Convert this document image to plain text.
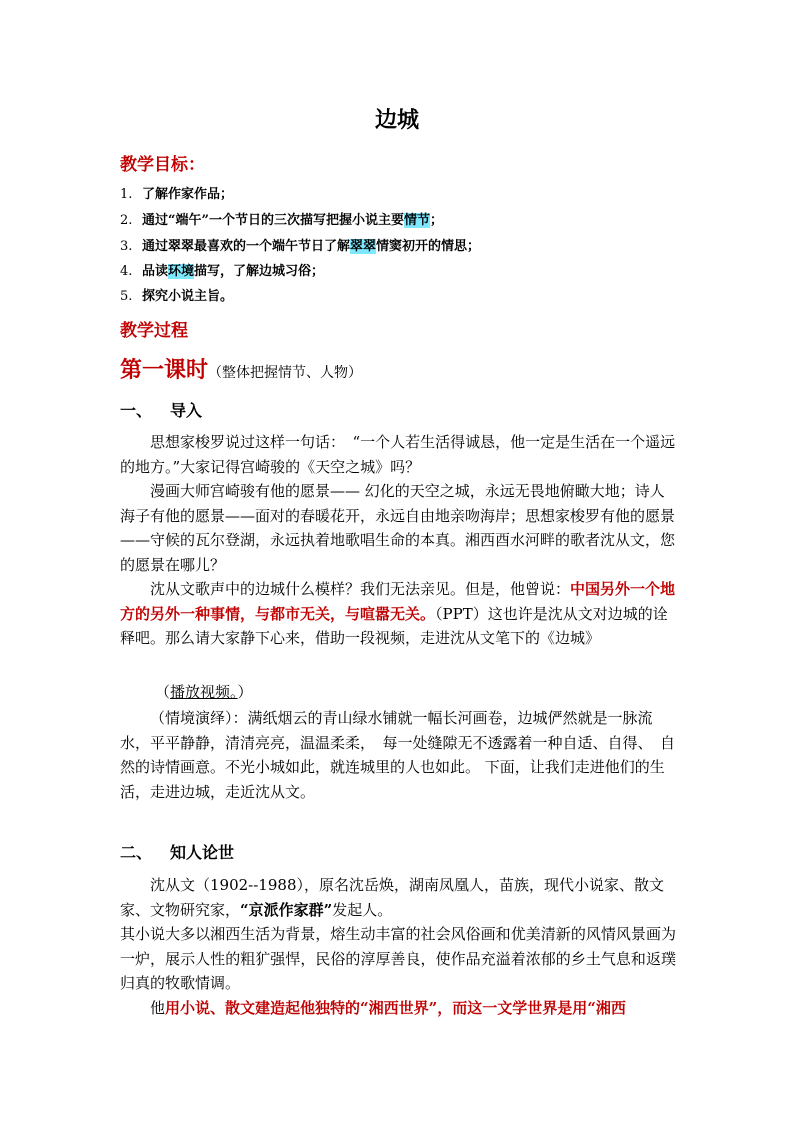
边城
教学目标：
1. 了解作家作品；
2. 通过“端午”一个节日的三次描写把握小说主要情节；
3. 通过翠翠最喜欢的一个端午节日了解翠翠情窦初开的情思；
4. 品读环境描写，了解边城习俗；
5. 探究小说主旨。
教学过程
第一课时（整体把握情节、人物）
一、 导入
思想家梭罗说过这样一句话：　“一个人若生活得诚恳，他一定是生活在一个遥远的地方。”大家记得宫崎骏的《天空之城》吗？
漫画大师宫崎骏有他的愿景—— 幻化的天空之城，永远无畏地俯瞰大地；诗人海子有他的愿景——面对的春暖花开，永远自由地亲吻海岸；思想家梭罗有他的愿景——守候的瓦尔登湖，永远执着地歌唱生命的本真。湘西酉水河畔的歌者沈从文，您的愿景在哪儿？
沈从文歌声中的边城什么模样？我们无法亲见。但是，他曾说：中国另外一个地方的另外一种事情，与都市无关，与喧嚣无关。（PPT）这也许是沈从文对边城的诠释吧。那么请大家静下心来，借助一段视频，走进沈从文笔下的《边城》
（播放视频。）
（情境演绎）：满纸烟云的青山绿水铺就一幅长河画卷，边城俨然就是一脉流水，平平静静，清清亮亮，温温柔柔，　每一处缝隙无不透露着一种自适、自得、　自然的诗情画意。不光小城如此，就连城里的人也如此。 下面，让我们走进他们的生活，走进边城，走近沈从文。
二、 知人论世
沈从文（1902--1988），原名沈岳焕，湖南凤凰人，苗族，现代小说家、散文家、文物研究家，“京派作家群”发起人。
其小说大多以湘西生活为背景，熔生动丰富的社会风俗画和优美清新的风情风景画为一炉，展示人性的粗犷强悍，民俗的淳厚善良，使作品充溢着浓郁的乡土气息和返璞归真的牧歌情调。
他用小说、散文建造起他独特的“湘西世界”，而这一文学世界是用“湘西
